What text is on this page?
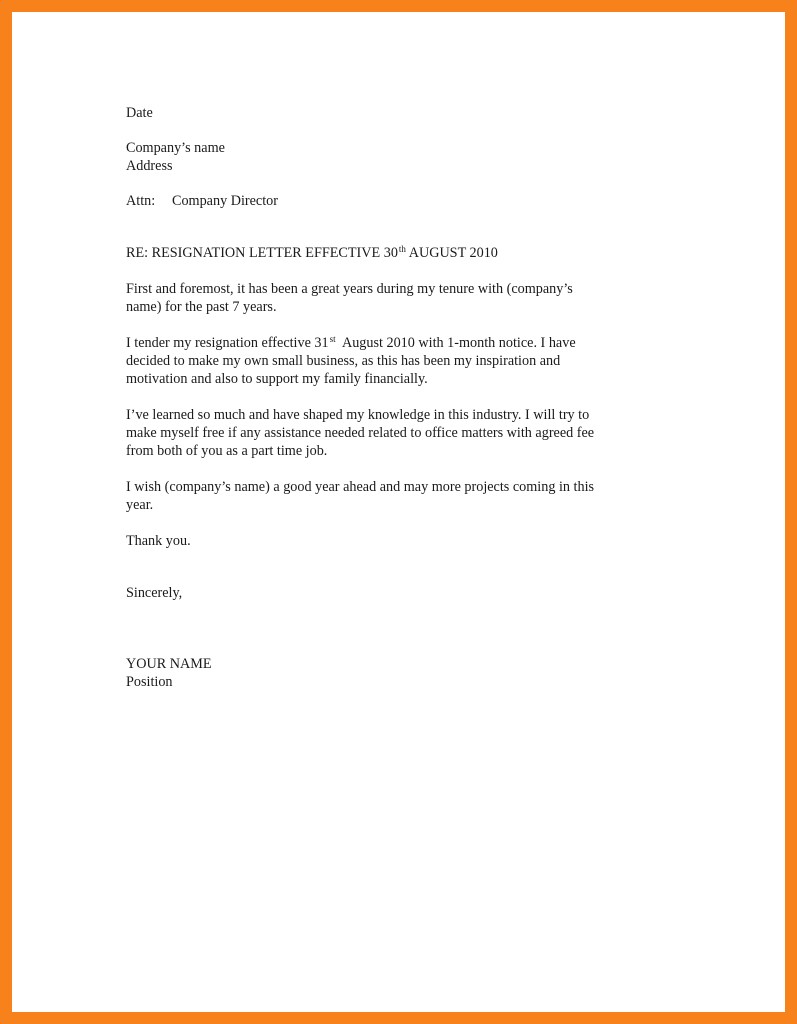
Date
Company’s name
Address
Attn: Company Director
RE: RESIGNATION LETTER EFFECTIVE 30th AUGUST 2010
First and foremost, it has been a great years during my tenure with (company’s
name) for the past 7 years.
I tender my resignation effective 31st  August 2010 with 1-month notice. I have
decided to make my own small business, as this has been my inspiration and
motivation and also to support my family financially.
I’ve learned so much and have shaped my knowledge in this industry. I will try to
make myself free if any assistance needed related to office matters with agreed fee
from both of you as a part time job.
I wish (company’s name) a good year ahead and may more projects coming in this
year.
Thank you.
Sincerely,
YOUR NAME
Position
